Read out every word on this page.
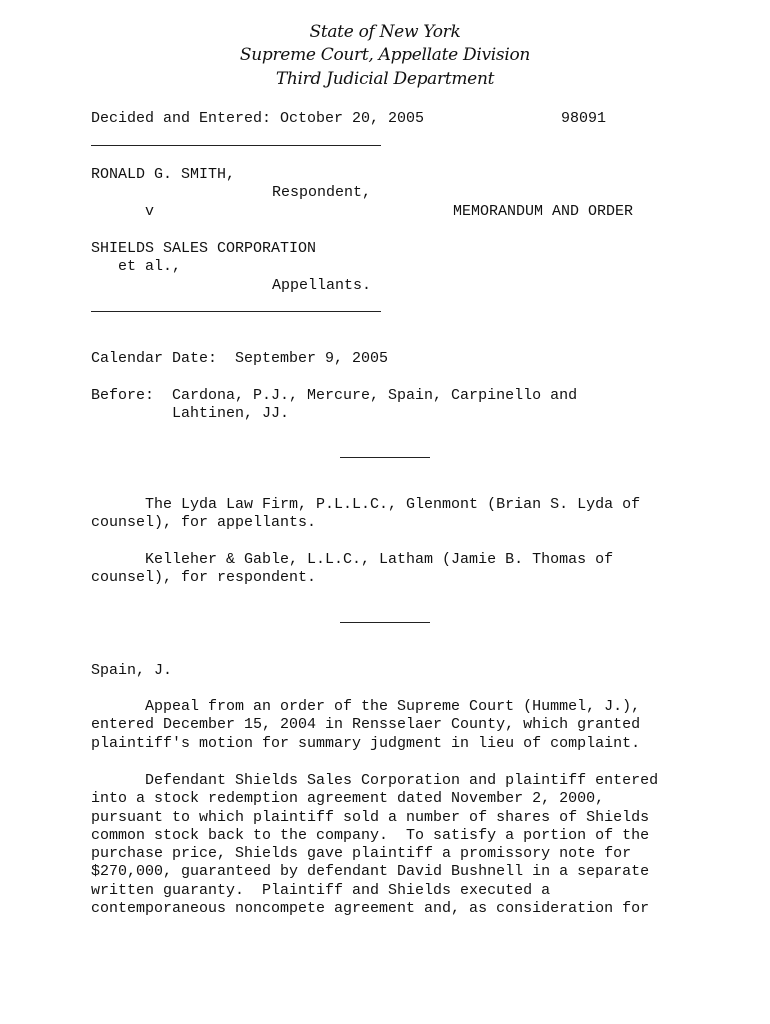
State of New York
Supreme Court, Appellate Division
Third Judicial Department
Decided and Entered: October 20, 2005	98091
RONALD G. SMITH,
Respondent,
v	MEMORANDUM AND ORDER
SHIELDS SALES CORPORATION
et al.,
Appellants.
Calendar Date:  September 9, 2005
Before:  Cardona, P.J., Mercure, Spain, Carpinello and
Lahtinen, JJ.
The Lyda Law Firm, P.L.L.C., Glenmont (Brian S. Lyda of
counsel), for appellants.
Kelleher & Gable, L.L.C., Latham (Jamie B. Thomas of
counsel), for respondent.
Spain, J.
Appeal from an order of the Supreme Court (Hummel, J.),
entered December 15, 2004 in Rensselaer County, which granted
plaintiff's motion for summary judgment in lieu of complaint.
Defendant Shields Sales Corporation and plaintiff entered
into a stock redemption agreement dated November 2, 2000,
pursuant to which plaintiff sold a number of shares of Shields
common stock back to the company.  To satisfy a portion of the
purchase price, Shields gave plaintiff a promissory note for
$270,000, guaranteed by defendant David Bushnell in a separate
written guaranty.  Plaintiff and Shields executed a
contemporaneous noncompete agreement and, as consideration for
